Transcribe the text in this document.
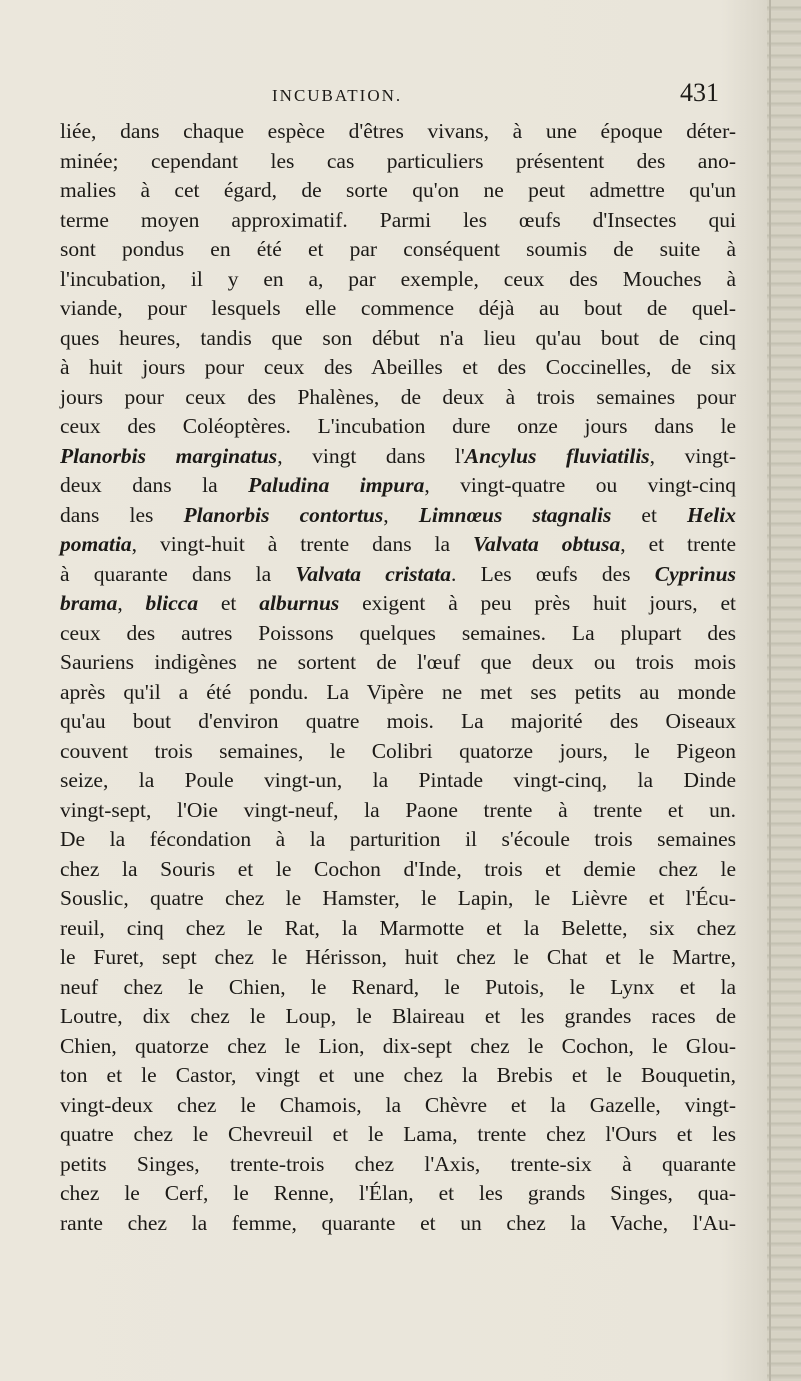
INCUBATION.	431
liée, dans chaque espèce d'êtres vivans, à une époque déter-
minée; cependant les cas particuliers présentent des ano-
malies à cet égard, de sorte qu'on ne peut admettre qu'un
terme moyen approximatif. Parmi les œufs d'Insectes qui
sont pondus en été et par conséquent soumis de suite à
l'incubation, il y en a, par exemple, ceux des Mouches à
viande, pour lesquels elle commence déjà au bout de quel-
ques heures, tandis que son début n'a lieu qu'au bout de cinq
à huit jours pour ceux des Abeilles et des Coccinelles, de six
jours pour ceux des Phalènes, de deux à trois semaines pour
ceux des Coléoptères. L'incubation dure onze jours dans le
Planorbis marginatus, vingt dans l'Ancylus fluviatilis, vingt-
deux dans la Paludina impura, vingt-quatre ou vingt-cinq
dans les Planorbis contortus, Limnœus stagnalis et Helix
pomatia, vingt-huit à trente dans la Valvata obtusa, et trente
à quarante dans la Valvata cristata. Les œufs des Cyprinus
brama, blicca et alburnus exigent à peu près huit jours, et
ceux des autres Poissons quelques semaines. La plupart des
Sauriens indigènes ne sortent de l'œuf que deux ou trois mois
après qu'il a été pondu. La Vipère ne met ses petits au monde
qu'au bout d'environ quatre mois. La majorité des Oiseaux
couvent trois semaines, le Colibri quatorze jours, le Pigeon
seize, la Poule vingt-un, la Pintade vingt-cinq, la Dinde
vingt-sept, l'Oie vingt-neuf, la Paone trente à trente et un.
De la fécondation à la parturition il s'écoule trois semaines
chez la Souris et le Cochon d'Inde, trois et demie chez le
Souslic, quatre chez le Hamster, le Lapin, le Lièvre et l'Écu-
reuil, cinq chez le Rat, la Marmotte et la Belette, six chez
le Furet, sept chez le Hérisson, huit chez le Chat et le Martre,
neuf chez le Chien, le Renard, le Putois, le Lynx et la
Loutre, dix chez le Loup, le Blaireau et les grandes races de
Chien, quatorze chez le Lion, dix-sept chez le Cochon, le Glou-
ton et le Castor, vingt et une chez la Brebis et le Bouquetin,
vingt-deux chez le Chamois, la Chèvre et la Gazelle, vingt-
quatre chez le Chevreuil et le Lama, trente chez l'Ours et les
petits Singes, trente-trois chez l'Axis, trente-six à quarante
chez le Cerf, le Renne, l'Élan, et les grands Singes, qua-
rante chez la femme, quarante et un chez la Vache, l'Au-
